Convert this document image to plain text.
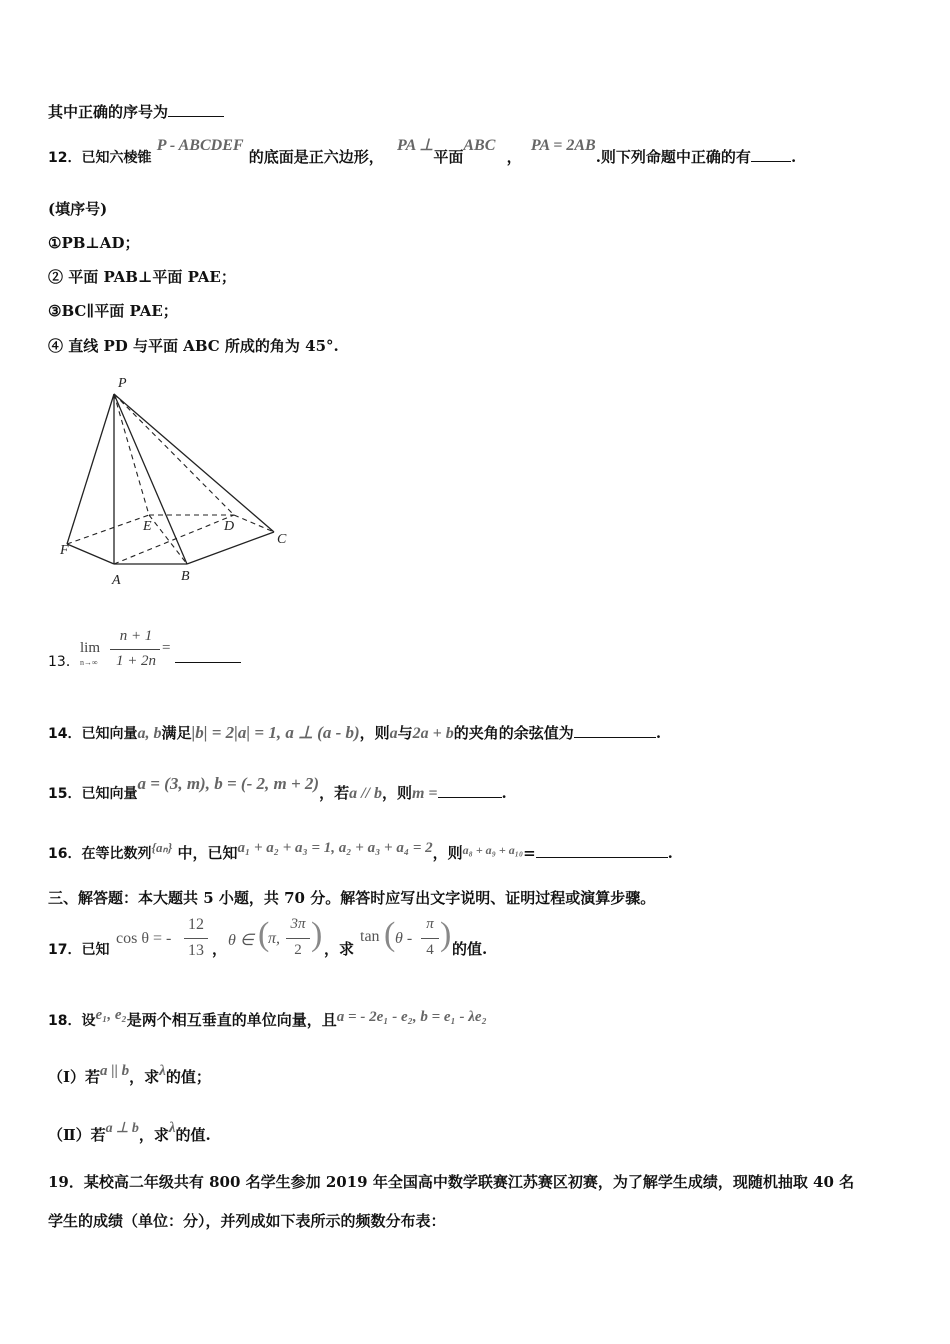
其中正确的序号为
12．已知六棱锥 P - ABCDEF 的底面是正六边形， PA ⊥平面ABC ， PA = 2AB.则下列命题中正确的有	.
(填序号)
①PB⊥AD；
② 平面 PAB⊥平面 PAE；
③BC∥平面 PAE；
④ 直线 PD 与平面 ABC 所成的角为 45°.
P
E	D
F
C
A	B
13．
lim
n→∞
n + 1
1 + 2n
=
14．已知向量a, b满足|b| = 2|a| = 1, a ⊥ (a - b)，则a与2a + b的夹角的余弦值为	.
15．已知向量a = (3, m), b = (- 2, m + 2)，若a // b，则m =	.
16．在等比数列{aₙ} 中，已知a₁ + a₂ + a₃ = 1, a₂ + a₃ + a₄ = 2，则$^{a_8 + a_9 + a_{10}}$=	.
三、解答题：本大题共 5 小题，共 70 分。解答时应写出文字说明、证明过程或演算步骤。
17．已知
cos θ = -
12
13 ， θ ∈ (
π,
3π
2 ) ，求
tan ( θ -
π
4 ) 的值.
18．设e₁, e₂是两个相互垂直的单位向量，且a = - 2e₁ - e₂, b = e₁ - λe₂
（Ⅰ）若a || b，求λ的值；
（Ⅱ）若a ⊥ b，求λ的值.
19．某校高二年级共有 800 名学生参加 2019 年全国高中数学联赛江苏赛区初赛，为了解学生成绩，现随机抽取 40 名
学生的成绩（单位：分），并列成如下表所示的频数分布表：
